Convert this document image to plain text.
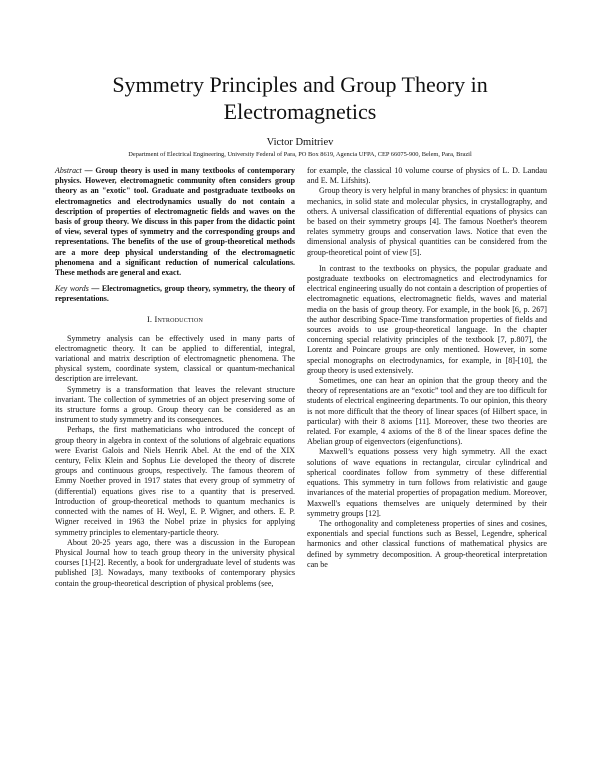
Symmetry Principles and Group Theory in
Electromagnetics
Victor Dmitriev
Department of Electrical Engineering, University Federal of Para, PO Box 8619, Agencia UFPA, CEP 66075-900, Belem, Para, Brazil

Abstract — Group theory is used in many textbooks of contemporary physics. However, electromagnetic community often considers group theory as an "exotic" tool. Graduate and postgraduate textbooks on electromagnetics and electrodynamics usually do not contain a description of properties of electromagnetic fields and waves on the basis of group theory. We discuss in this paper from the didactic point of view, several types of symmetry and the corresponding groups and representations. The benefits of the use of group-theoretical methods are a more deep physical understanding of the electromagnetic phenomena and a significant reduction of numerical calculations. These methods are general and exact.

Key words — Electromagnetics, group theory, symmetry, the theory of representations.

I. Introduction

Symmetry analysis can be effectively used in many parts of electromagnetic theory. It can be applied to differential, integral, variational and matrix description of electromagnetic phenomena. The physical system, coordinate system, classical or quantum-mechanical description are irrelevant.

Symmetry is a transformation that leaves the relevant structure invariant. The collection of symmetries of an object preserving some of its structure forms a group. Group theory can be considered as an instrument to study symmetry and its consequences.

Perhaps, the first mathematicians who introduced the concept of group theory in algebra in context of the solutions of algebraic equations were Evarist Galois and Niels Henrik Abel. At the end of the XIX century, Felix Klein and Sophus Lie developed the theory of discrete groups and continuous groups, respectively. The famous theorem of Emmy Noether proved in 1917 states that every group of symmetry of (differential) equations gives rise to a quantity that is preserved. Introduction of group-theoretical methods to quantum mechanics is connected with the names of H. Weyl, E. P. Wigner, and others. E. P. Wigner received in 1963 the Nobel prize in physics for applying symmetry principles to elementary-particle theory.

About 20-25 years ago, there was a discussion in the European Physical Journal how to teach group theory in the university physical courses [1]-[2]. Recently, a book for undergraduate level of students was published [3]. Nowadays, many textbooks of contemporary physics contain the group-theoretical description of physical problems (see,

for example, the classical 10 volume course of physics of L. D. Landau and E. M. Lifshits).

Group theory is very helpful in many branches of physics: in quantum mechanics, in solid state and molecular physics, in crystallography, and others. A universal classification of differential equations of physics can be based on their symmetry groups [4]. The famous Noether's theorem relates symmetry groups and conservation laws. Notice that even the dimensional analysis of physical quantities can be considered from the group-theoretical point of view [5].

In contrast to the textbooks on physics, the popular graduate and postgraduate textbooks on electromagnetics and electrodynamics for electrical engineering usually do not contain a description of properties of electromagnetic equations, electromagnetic fields, waves and material media on the basis of group theory. For example, in the book [6, p. 267] the author describing Space-Time transformation properties of fields and sources avoids to use group-theoretical language. In the chapter concerning special relativity principles of the textbook [7, p.807], the Lorentz and Poincare groups are only mentioned. However, in some special monographs on electrodynamics, for example, in [8]-[10], the group theory is used extensively.

Sometimes, one can hear an opinion that the group theory and the theory of representations are an “exotic” tool and they are too difficult for students of electrical engineering departments. To our opinion, this theory is not more difficult that the theory of linear spaces (of Hilbert space, in particular) with their 8 axioms [11]. Moreover, these two theories are related. For example, 4 axioms of the 8 of the linear spaces define the Abelian group of eigenvectors (eigenfunctions).

Maxwell’s equations possess very high symmetry. All the exact solutions of wave equations in rectangular, circular cylindrical and spherical coordinates follow from symmetry of these differential equations. This symmetry in turn follows from relativistic and gauge invariances of the material properties of propagation medium. Moreover, Maxwell's equations themselves are uniquely determined by their symmetry groups [12].

The orthogonality and completeness properties of sines and cosines, exponentials and special functions such as Bessel, Legendre, spherical harmonics and other classical functions of mathematical physics are defined by symmetry decomposition. A group-theoretical interpretation can be
